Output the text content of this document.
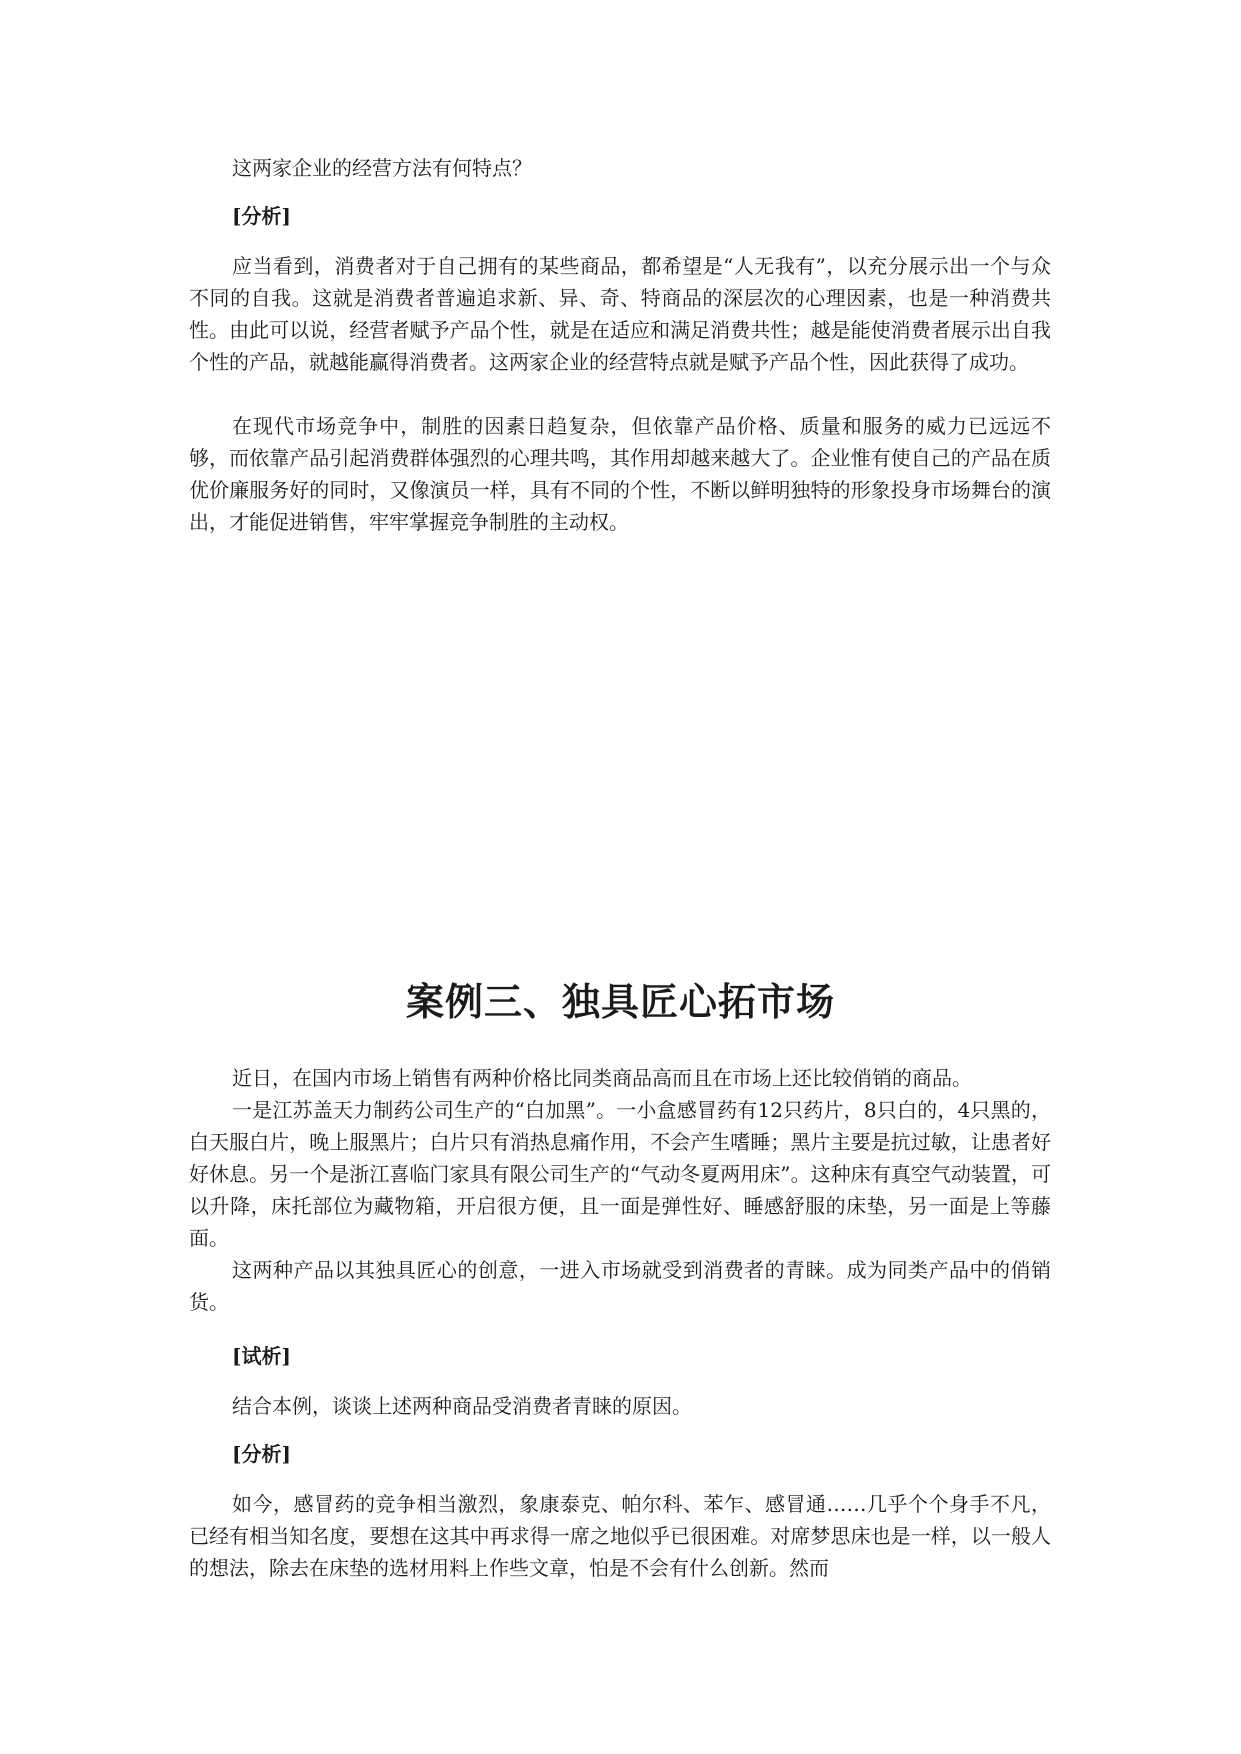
这两家企业的经营方法有何特点？

[分析]

应当看到，消费者对于自己拥有的某些商品，都希望是“人无我有”，以充分展示出一个与众不同的自我。这就是消费者普遍追求新、异、奇、特商品的深层次的心理因素，也是一种消费共性。由此可以说，经营者赋予产品个性，就是在适应和满足消费共性；越是能使消费者展示出自我个性的产品，就越能赢得消费者。这两家企业的经营特点就是赋予产品个性，因此获得了成功。

在现代市场竞争中，制胜的因素日趋复杂，但依靠产品价格、质量和服务的威力已远远不够，而依靠产品引起消费群体强烈的心理共鸣，其作用却越来越大了。企业惟有使自己的产品在质优价廉服务好的同时，又像演员一样，具有不同的个性，不断以鲜明独特的形象投身市场舞台的演出，才能促进销售，牢牢掌握竞争制胜的主动权。

案例三、独具匠心拓市场

近日，在国内市场上销售有两种价格比同类商品高而且在市场上还比较俏销的商品。

一是江苏盖天力制药公司生产的“白加黑”。一小盒感冒药有12只药片，8只白的，4只黑的，白天服白片，晚上服黑片；白片只有消热息痛作用，不会产生嗜睡；黑片主要是抗过敏，让患者好好休息。另一个是浙江喜临门家具有限公司生产的“气动冬夏两用床”。这种床有真空气动装置，可以升降，床托部位为藏物箱，开启很方便，且一面是弹性好、睡感舒服的床垫，另一面是上等藤面。

这两种产品以其独具匠心的创意，一进入市场就受到消费者的青睐。成为同类产品中的俏销货。

[试析]

结合本例，谈谈上述两种商品受消费者青睐的原因。

[分析]

如今，感冒药的竞争相当激烈，象康泰克、帕尔科、苯乍、感冒通……几乎个个身手不凡，已经有相当知名度，要想在这其中再求得一席之地似乎已很困难。对席梦思床也是一样，以一般人的想法，除去在床垫的选材用料上作些文章，怕是不会有什么创新。然而
